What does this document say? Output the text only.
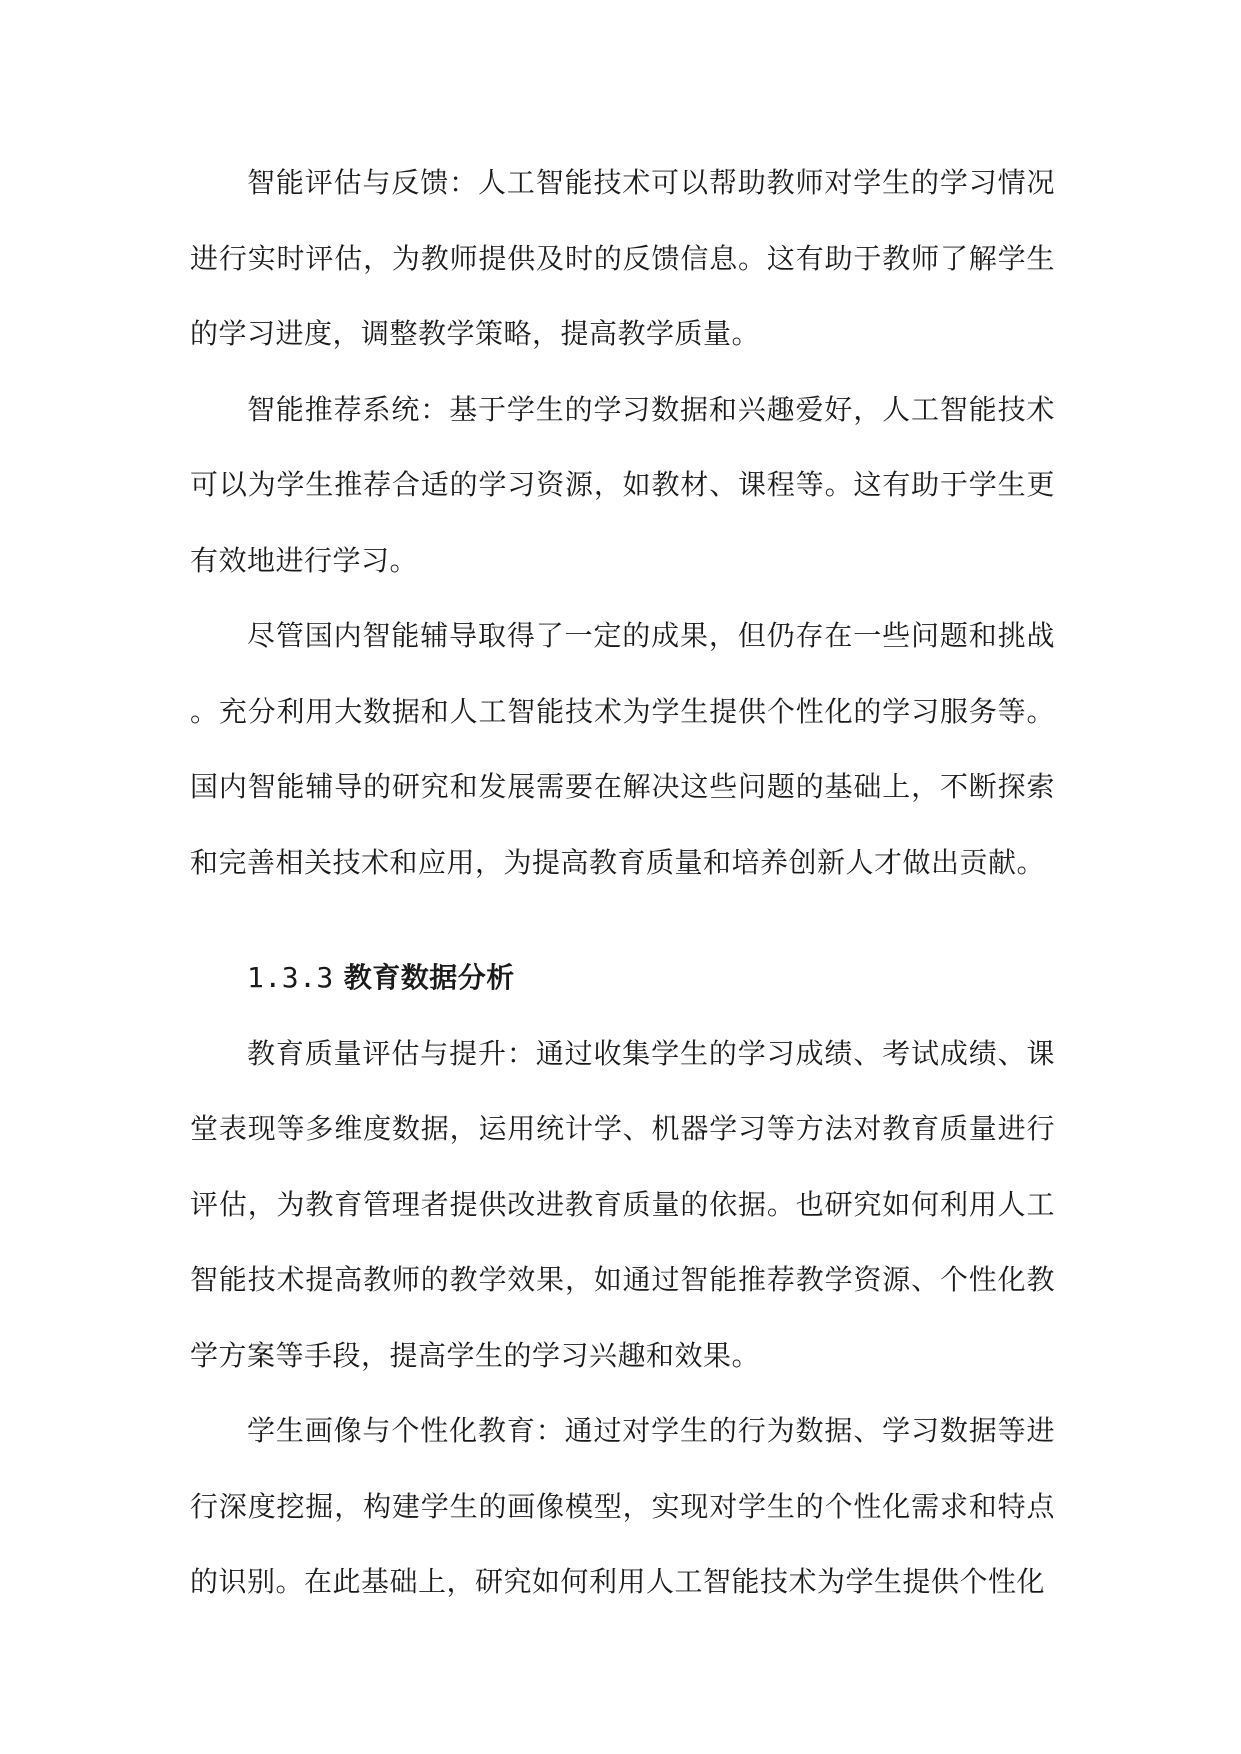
智能评估与反馈：人工智能技术可以帮助教师对学生的学习情况进行实时评估，为教师提供及时的反馈信息。这有助于教师了解学生的学习进度，调整教学策略，提高教学质量。

智能推荐系统：基于学生的学习数据和兴趣爱好，人工智能技术可以为学生推荐合适的学习资源，如教材、课程等。这有助于学生更有效地进行学习。

尽管国内智能辅导取得了一定的成果，但仍存在一些问题和挑战。充分利用大数据和人工智能技术为学生提供个性化的学习服务等。国内智能辅导的研究和发展需要在解决这些问题的基础上，不断探索和完善相关技术和应用，为提高教育质量和培养创新人才做出贡献。

1.3.3 教育数据分析

教育质量评估与提升：通过收集学生的学习成绩、考试成绩、课堂表现等多维度数据，运用统计学、机器学习等方法对教育质量进行评估，为教育管理者提供改进教育质量的依据。也研究如何利用人工智能技术提高教师的教学效果，如通过智能推荐教学资源、个性化教学方案等手段，提高学生的学习兴趣和效果。

学生画像与个性化教育：通过对学生的行为数据、学习数据等进行深度挖掘，构建学生的画像模型，实现对学生的个性化需求和特点的识别。在此基础上，研究如何利用人工智能技术为学生提供个性化
